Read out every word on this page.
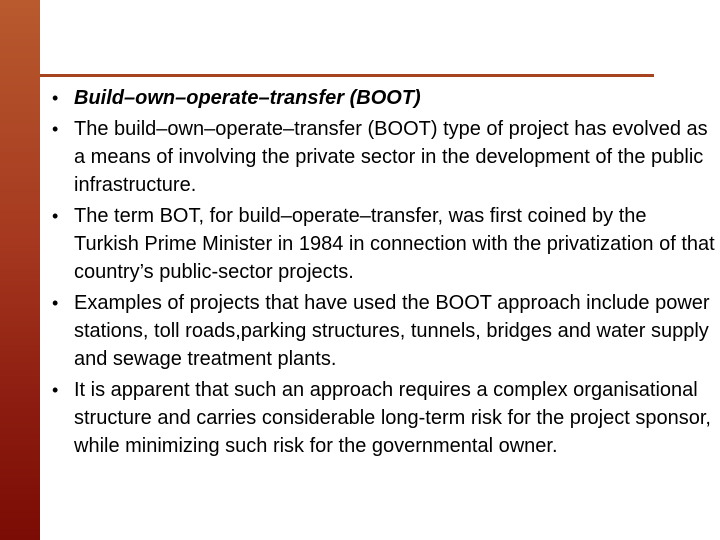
• Build–own–operate–transfer (BOOT)
• The build–own–operate–transfer (BOOT) type of project has evolved as a means of involving the private sector in the development of the public infrastructure.
• The term BOT, for build–operate–transfer, was first coined by the Turkish Prime Minister in 1984 in connection with the privatization of that country’s public-sector projects.
• Examples of projects that have used the BOOT approach include power stations, toll roads,parking structures, tunnels, bridges and water supply and sewage treatment plants.
• It is apparent that such an approach requires a complex organisational structure and carries considerable long-term risk for the project sponsor, while minimizing such risk for the governmental owner.
